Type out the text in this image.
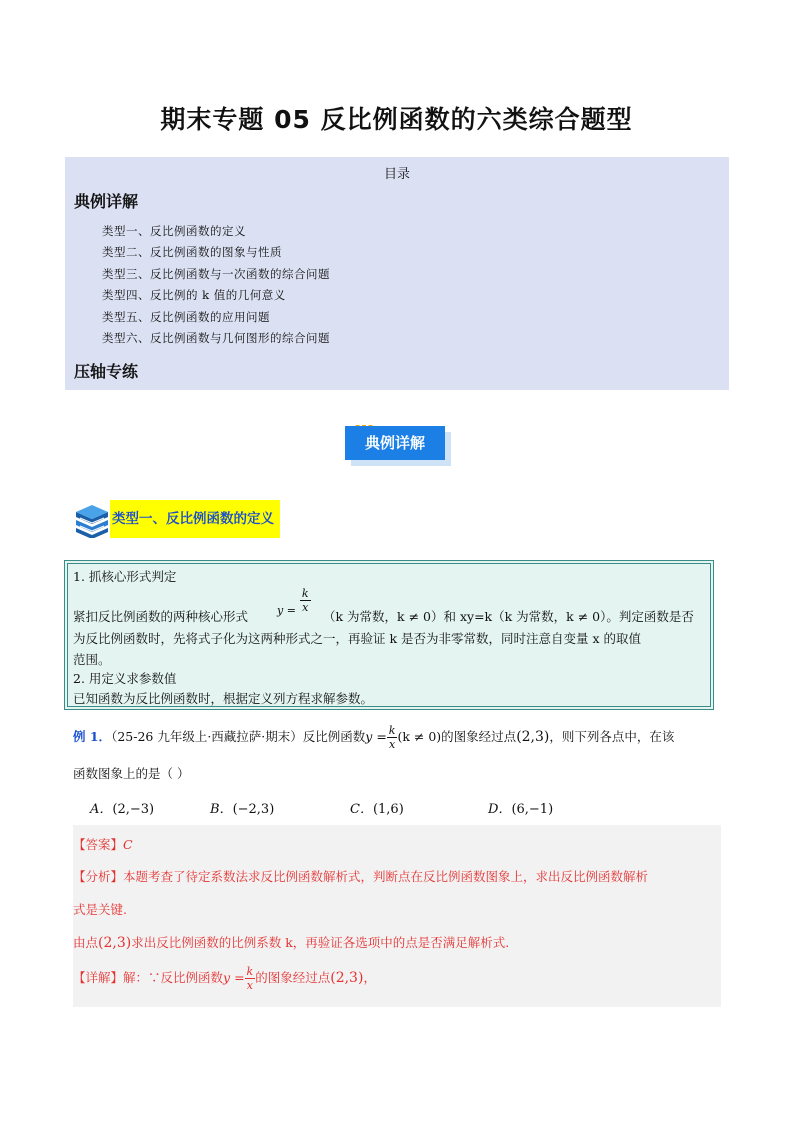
期末专题 05 反比例函数的六类综合题型
目录
典例详解
类型一、反比例函数的定义
类型二、反比例函数的图象与性质
类型三、反比例函数与一次函数的综合问题
类型四、反比例的 k 值的几何意义
类型五、反比例函数的应用问题
类型六、反比例函数与几何图形的综合问题
压轴专练
典例详解
类型一、反比例函数的定义
1. 抓核心形式判定
$y = \frac{k}{x}$
紧扣反比例函数的两种核心形式	（k 为常数，k ≠ 0）和 xy=k（k 为常数，k ≠ 0）。判定函数是否
为反比例函数时，先将式子化为这两种形式之一，再验证 k 是否为非零常数，同时注意自变量 x 的取值
范围。
2. 用定义求参数值
已知函数为反比例函数时，根据定义列方程求解参数。
例 1．（25-26 九年级上·西藏拉萨·期末）反比例函数$y = \frac{k}{x} (k \ne 0)$的图象经过点(2,3)，则下列各点中，在该
函数图象上的是（ ）
A．(2,−3)	B．(−2,3)	C．(1,6)	D．(6,−1)
【答案】C
【分析】本题考查了待定系数法求反比例函数解析式，判断点在反比例函数图象上，求出反比例函数解析
式是关键.
由点(2,3)求出反比例函数的比例系数 k，再验证各选项中的点是否满足解析式.
【详解】解：∵反比例函数$y = \frac{k}{x}$ 的图象经过点(2,3)，
